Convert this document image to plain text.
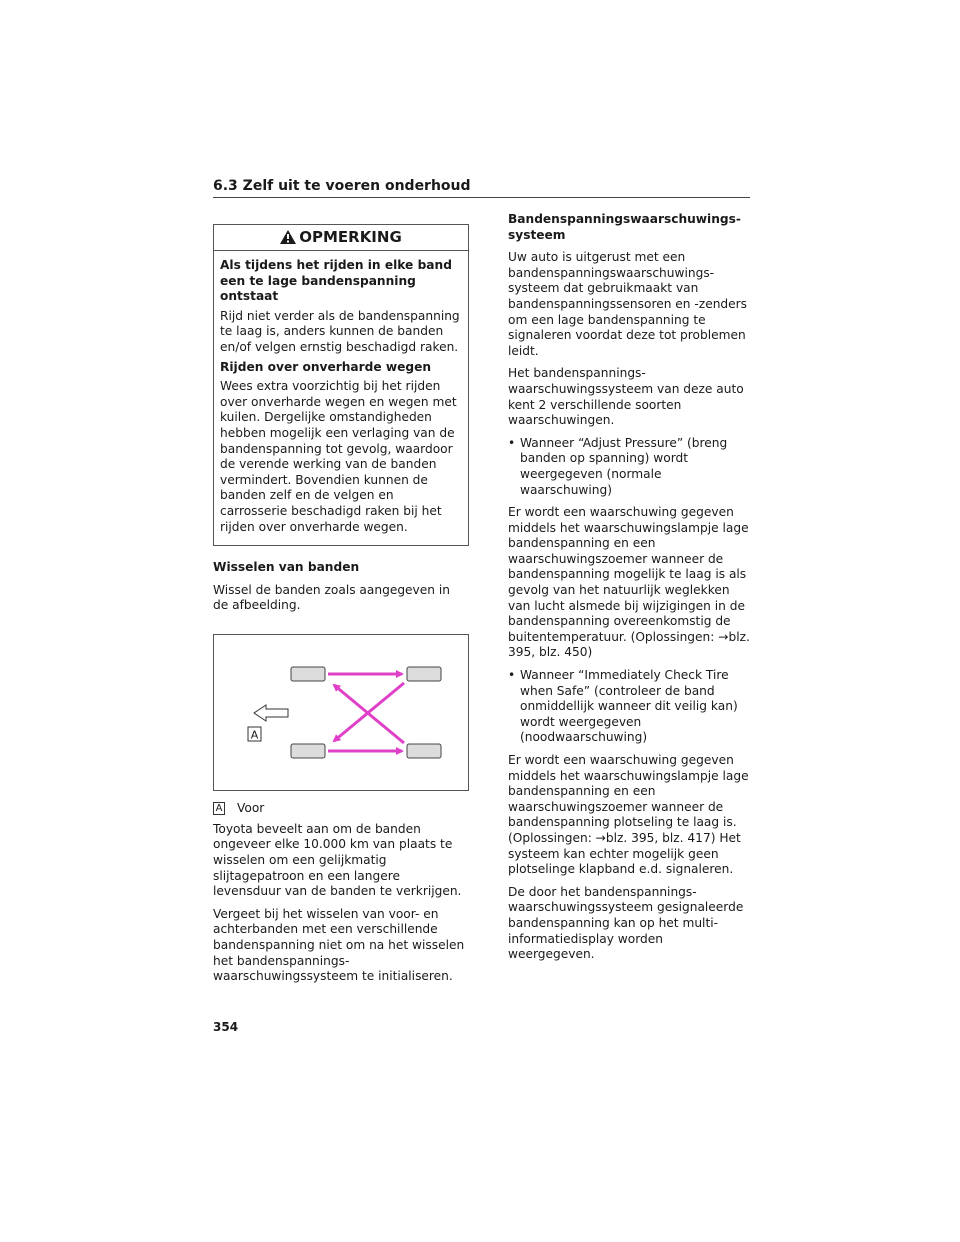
6.3 Zelf uit te voeren onderhoud
OPMERKING

Als tijdens het rijden in elke band een te lage bandenspanning ontstaat

Rijd niet verder als de bandenspanning te laag is, anders kunnen de banden en/of velgen ernstig beschadigd raken.

Rijden over onverharde wegen

Wees extra voorzichtig bij het rijden over onverharde wegen en wegen met kuilen. Dergelijke omstandigheden hebben mogelijk een verlaging van de bandenspanning tot gevolg, waardoor de verende werking van de banden vermindert. Bovendien kunnen de banden zelf en de velgen en carrosserie beschadigd raken bij het rijden over onverharde wegen.

Wisselen van banden

Wissel de banden zoals aangegeven in de afbeelding.

A
A Voor

Toyota beveelt aan om de banden ongeveer elke 10.000 km van plaats te wisselen om een gelijkmatig slijtagepatroon en een langere levensduur van de banden te verkrijgen.

Vergeet bij het wisselen van voor- en achterbanden met een verschillende bandenspanning niet om na het wisselen het bandenspannings-waarschuwingssysteem te initialiseren.

Bandenspanningswaarschuwings-systeem

Uw auto is uitgerust met een bandenspanningswaarschuwings-systeem dat gebruikmaakt van bandenspanningssensoren en -zenders om een lage bandenspanning te signaleren voordat deze tot problemen leidt.

Het bandenspannings-waarschuwingssysteem van deze auto kent 2 verschillende soorten waarschuwingen.

• Wanneer “Adjust Pressure” (breng banden op spanning) wordt weergegeven (normale waarschuwing)

Er wordt een waarschuwing gegeven middels het waarschuwingslampje lage bandenspanning en een waarschuwingszoemer wanneer de bandenspanning mogelijk te laag is als gevolg van het natuurlijk weglekken van lucht alsmede bij wijzigingen in de bandenspanning overeenkomstig de buitentemperatuur. (Oplossingen: →blz. 395, blz. 450)

• Wanneer “Immediately Check Tire when Safe” (controleer de band onmiddellijk wanneer dit veilig kan) wordt weergegeven (noodwaarschuwing)

Er wordt een waarschuwing gegeven middels het waarschuwingslampje lage bandenspanning en een waarschuwingszoemer wanneer de bandenspanning plotseling te laag is. (Oplossingen: →blz. 395, blz. 417) Het systeem kan echter mogelijk geen plotselinge klapband e.d. signaleren.

De door het bandenspannings-waarschuwingssysteem gesignaleerde bandenspanning kan op het multi-informatiedisplay worden weergegeven.

354
